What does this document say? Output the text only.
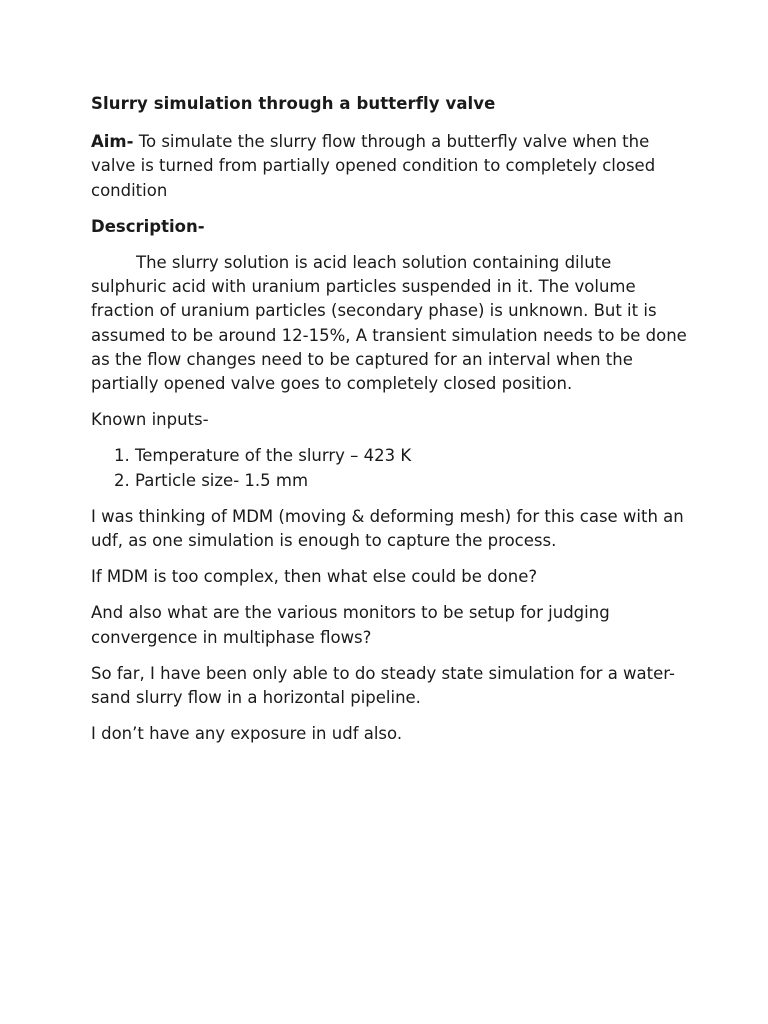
Slurry simulation through a butterfly valve

Aim- To simulate the slurry flow through a butterfly valve when the valve is turned from partially opened condition to completely closed condition

Description-

The slurry solution is acid leach solution containing dilute sulphuric acid with uranium particles suspended in it. The volume fraction of uranium particles (secondary phase) is unknown. But it is assumed to be around 12-15%, A transient simulation needs to be done as the flow changes need to be captured for an interval when the partially opened valve goes to completely closed position.

Known inputs-

1. Temperature of the slurry – 423 K
2. Particle size- 1.5 mm

I was thinking of MDM (moving & deforming mesh) for this case with an udf, as one simulation is enough to capture the process.

If MDM is too complex, then what else could be done?

And also what are the various monitors to be setup for judging convergence in multiphase flows?

So far, I have been only able to do steady state simulation for a water-sand slurry flow in a horizontal pipeline.

I don’t have any exposure in udf also.
